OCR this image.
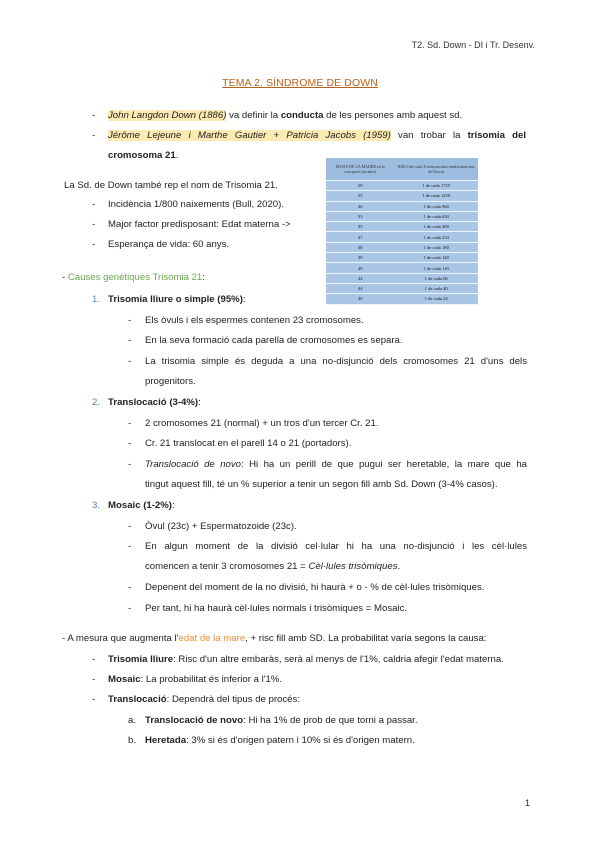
T2. Sd. Down - DI i Tr. Desenv.
TEMA 2. SÍNDROME DE DOWN
- John Langdon Down (1886) va definir la conducta de les persones amb aquest sd.
- Jérôme Lejeune i Marthe Gautier + Patricia Jacobs (1959) van trobar la trisomia del
cromosoma 21.
EDATS DE LA MADRE en la concepció (en años)	RISC(1de cada X nens nacidos tendrá síndrome de Down)
20	1 de cada 1725
25	1 de cada 1259
30	1 de cada 960
33	1 de cada 630
35	1 de cada 380
37	1 de cada 233
38	1 de cada 180
39	1 de cada 140
40	1 de cada 110
42	1 de cada 66
44	1 de cada 40
46	1 de cada 24
La Sd. de Down també rep el nom de Trisomia 21.
- Incidència 1/800 naixements (Bull, 2020).
- Major factor predisposant: Edat materna ->
- Esperança de vida: 60 anys.
- Causes genètiques Trisomia 21:
1. Trisomia lliure o simple (95%):
- Els òvuls i els espermes contenen 23 cromosomes.
- En la seva formació cada parella de cromosomes es separa.
- La trisomia simple és deguda a una no-disjunció dels cromosomes 21 d'uns dels
progenitors.
2. Translocació (3-4%):
- 2 cromosomes 21 (normal) + un tros d'un tercer Cr. 21.
- Cr. 21 translocat en el parell 14 o 21 (portadors).
- Translocació de novo: Hi ha un perill de que pugui ser heretable, la mare que ha
tingut aquest fill, té un % superior a tenir un segon fill amb Sd. Down (3-4% casos).
3. Mosaic (1-2%):
- Òvul (23c) + Espermatozoide (23c).
- En algun moment de la divisió cel·lular hi ha una no-disjunció i les cèl·lules
comencen a tenir 3 cromosomes 21 = Cèl·lules trisòmiques.
- Depenent del moment de la no divisió, hi haurà + o - % de cèl·lules trisòmiques.
- Per tant, hi ha haurà cèl·lules normals i trisòmiques = Mosaic.
- A mesura que augmenta l'edat de la mare, + risc fill amb SD. La probabilitat varia segons la causa:
- Trisomia lliure: Risc d'un altre embaràs, serà al menys de l'1%, caldria afegir l'edat materna.
- Mosaic: La probabilitat és inferior a l'1%.
- Translocació: Dependrà del tipus de procés:
a. Translocació de novo: Hi ha 1% de prob de que torni a passar.
b. Heretada: 3% si és d'origen patern i 10% si és d'origen matern.
1
